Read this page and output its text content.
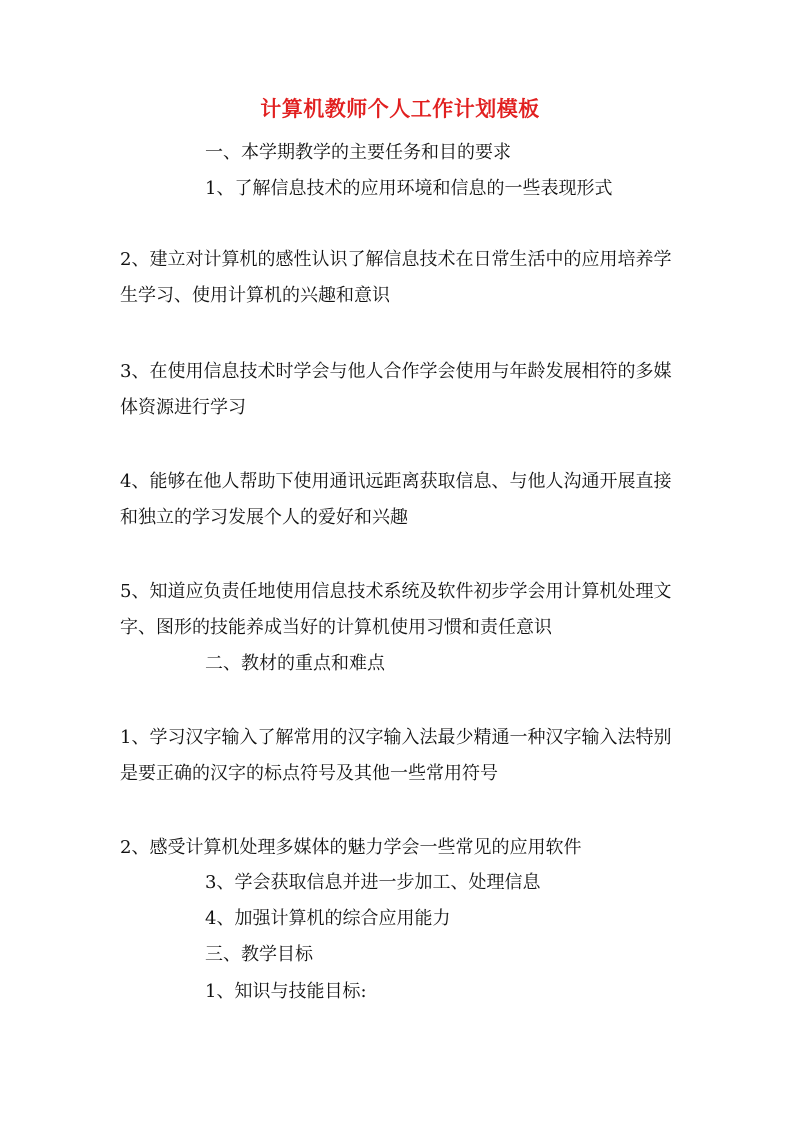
计算机教师个人工作计划模板
一、本学期教学的主要任务和目的要求
1、了解信息技术的应用环境和信息的一些表现形式
2、建立对计算机的感性认识了解信息技术在日常生活中的应用培养学生学习、使用计算机的兴趣和意识
3、在使用信息技术时学会与他人合作学会使用与年龄发展相符的多媒体资源进行学习
4、能够在他人帮助下使用通讯远距离获取信息、与他人沟通开展直接和独立的学习发展个人的爱好和兴趣
5、知道应负责任地使用信息技术系统及软件初步学会用计算机处理文字、图形的技能养成当好的计算机使用习惯和责任意识
二、教材的重点和难点
1、学习汉字输入了解常用的汉字输入法最少精通一种汉字输入法特别是要正确的汉字的标点符号及其他一些常用符号
2、感受计算机处理多媒体的魅力学会一些常见的应用软件
3、学会获取信息并进一步加工、处理信息
4、加强计算机的综合应用能力
三、教学目标
1、知识与技能目标:
